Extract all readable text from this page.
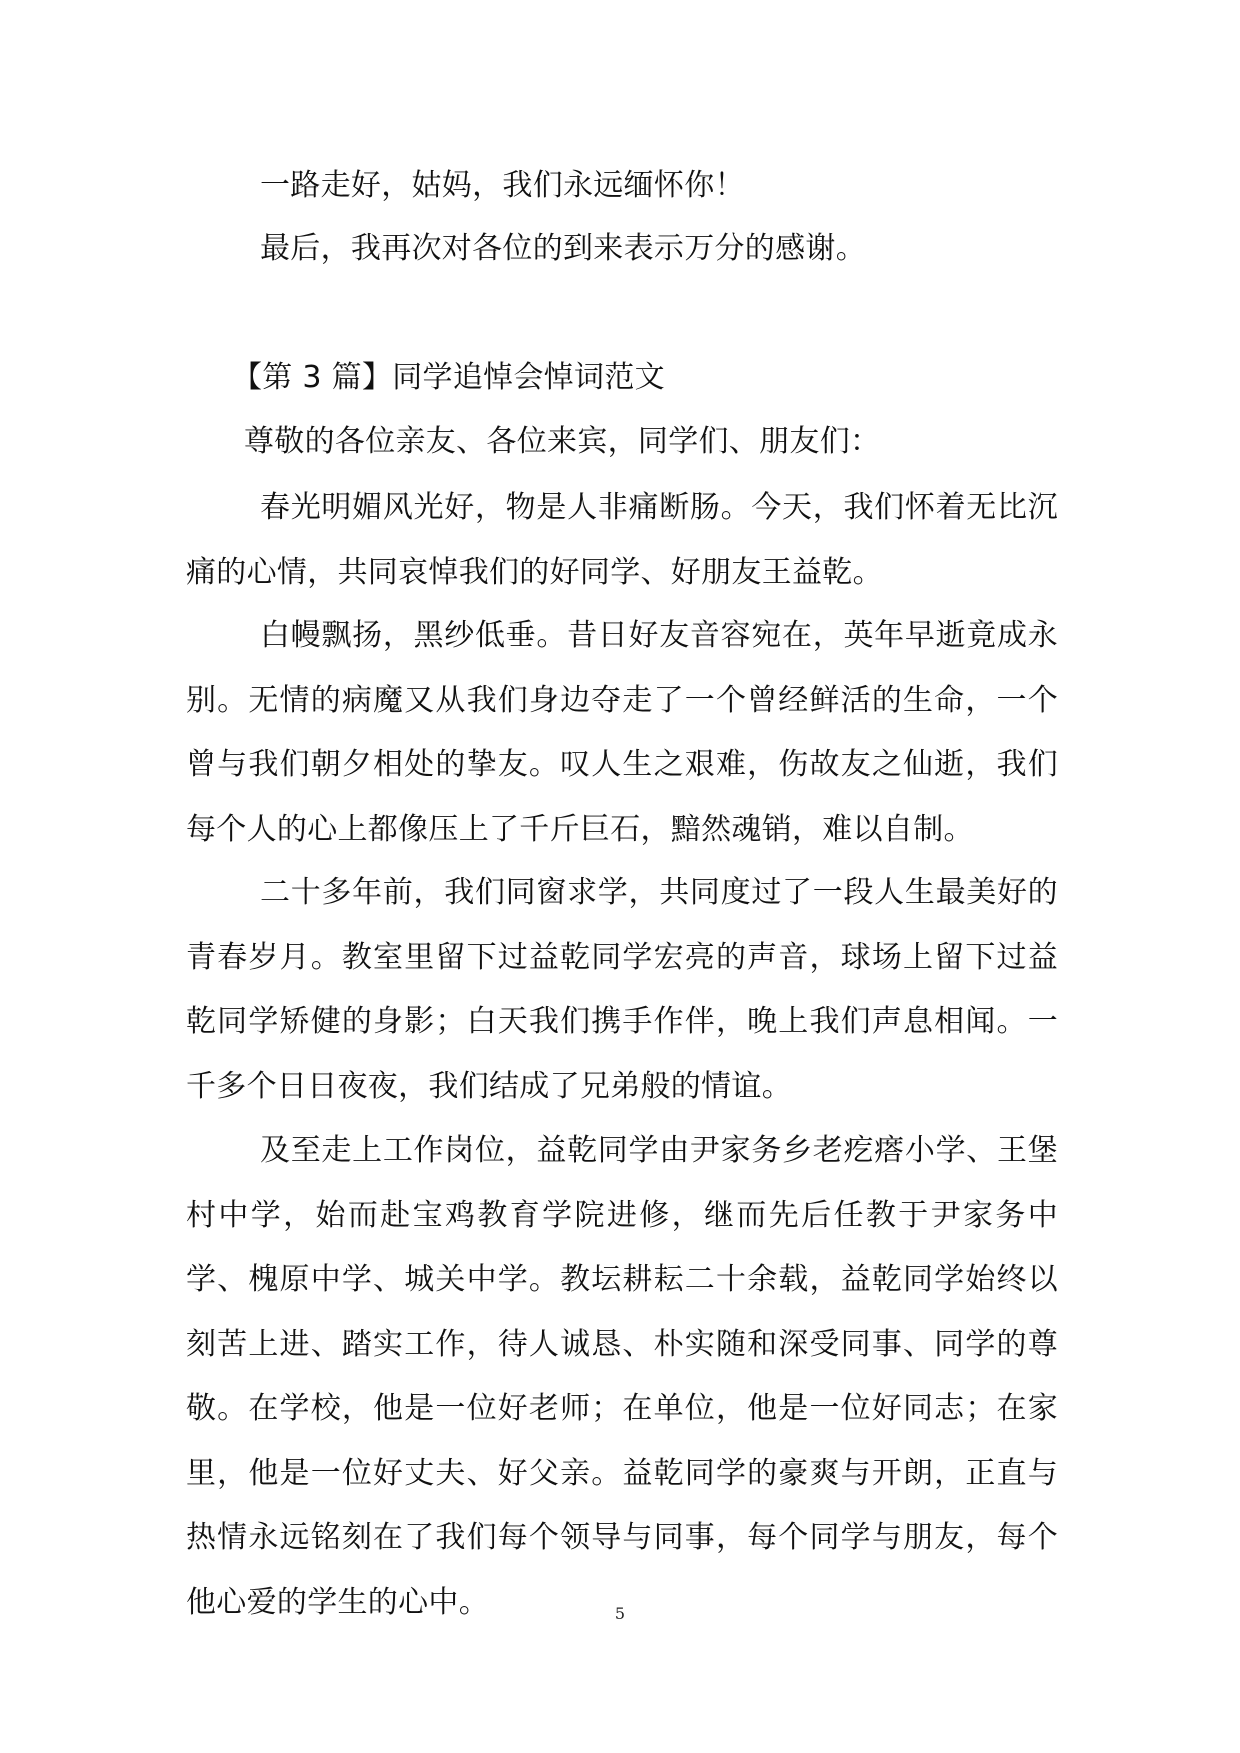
一路走好，姑妈，我们永远缅怀你！

最后，我再次对各位的到来表示万分的感谢。

【第 3 篇】同学追悼会悼词范文

尊敬的各位亲友、各位来宾，同学们、朋友们：

春光明媚风光好，物是人非痛断肠。今天，我们怀着无比沉痛的心情，共同哀悼我们的好同学、好朋友王益乾。

白幔飘扬，黑纱低垂。昔日好友音容宛在，英年早逝竟成永别。无情的病魔又从我们身边夺走了一个曾经鲜活的生命，一个曾与我们朝夕相处的挚友。叹人生之艰难，伤故友之仙逝，我们每个人的心上都像压上了千斤巨石，黯然魂销，难以自制。

二十多年前，我们同窗求学，共同度过了一段人生最美好的青春岁月。教室里留下过益乾同学宏亮的声音，球场上留下过益乾同学矫健的身影；白天我们携手作伴，晚上我们声息相闻。一千多个日日夜夜，我们结成了兄弟般的情谊。

及至走上工作岗位，益乾同学由尹家务乡老疙瘩小学、王堡村中学，始而赴宝鸡教育学院进修，继而先后任教于尹家务中学、槐原中学、城关中学。教坛耕耘二十余载，益乾同学始终以刻苦上进、踏实工作，待人诚恳、朴实随和深受同事、同学的尊敬。在学校，他是一位好老师；在单位，他是一位好同志；在家里，他是一位好丈夫、好父亲。益乾同学的豪爽与开朗，正直与热情永远铭刻在了我们每个领导与同事，每个同学与朋友，每个他心爱的学生的心中。	5
